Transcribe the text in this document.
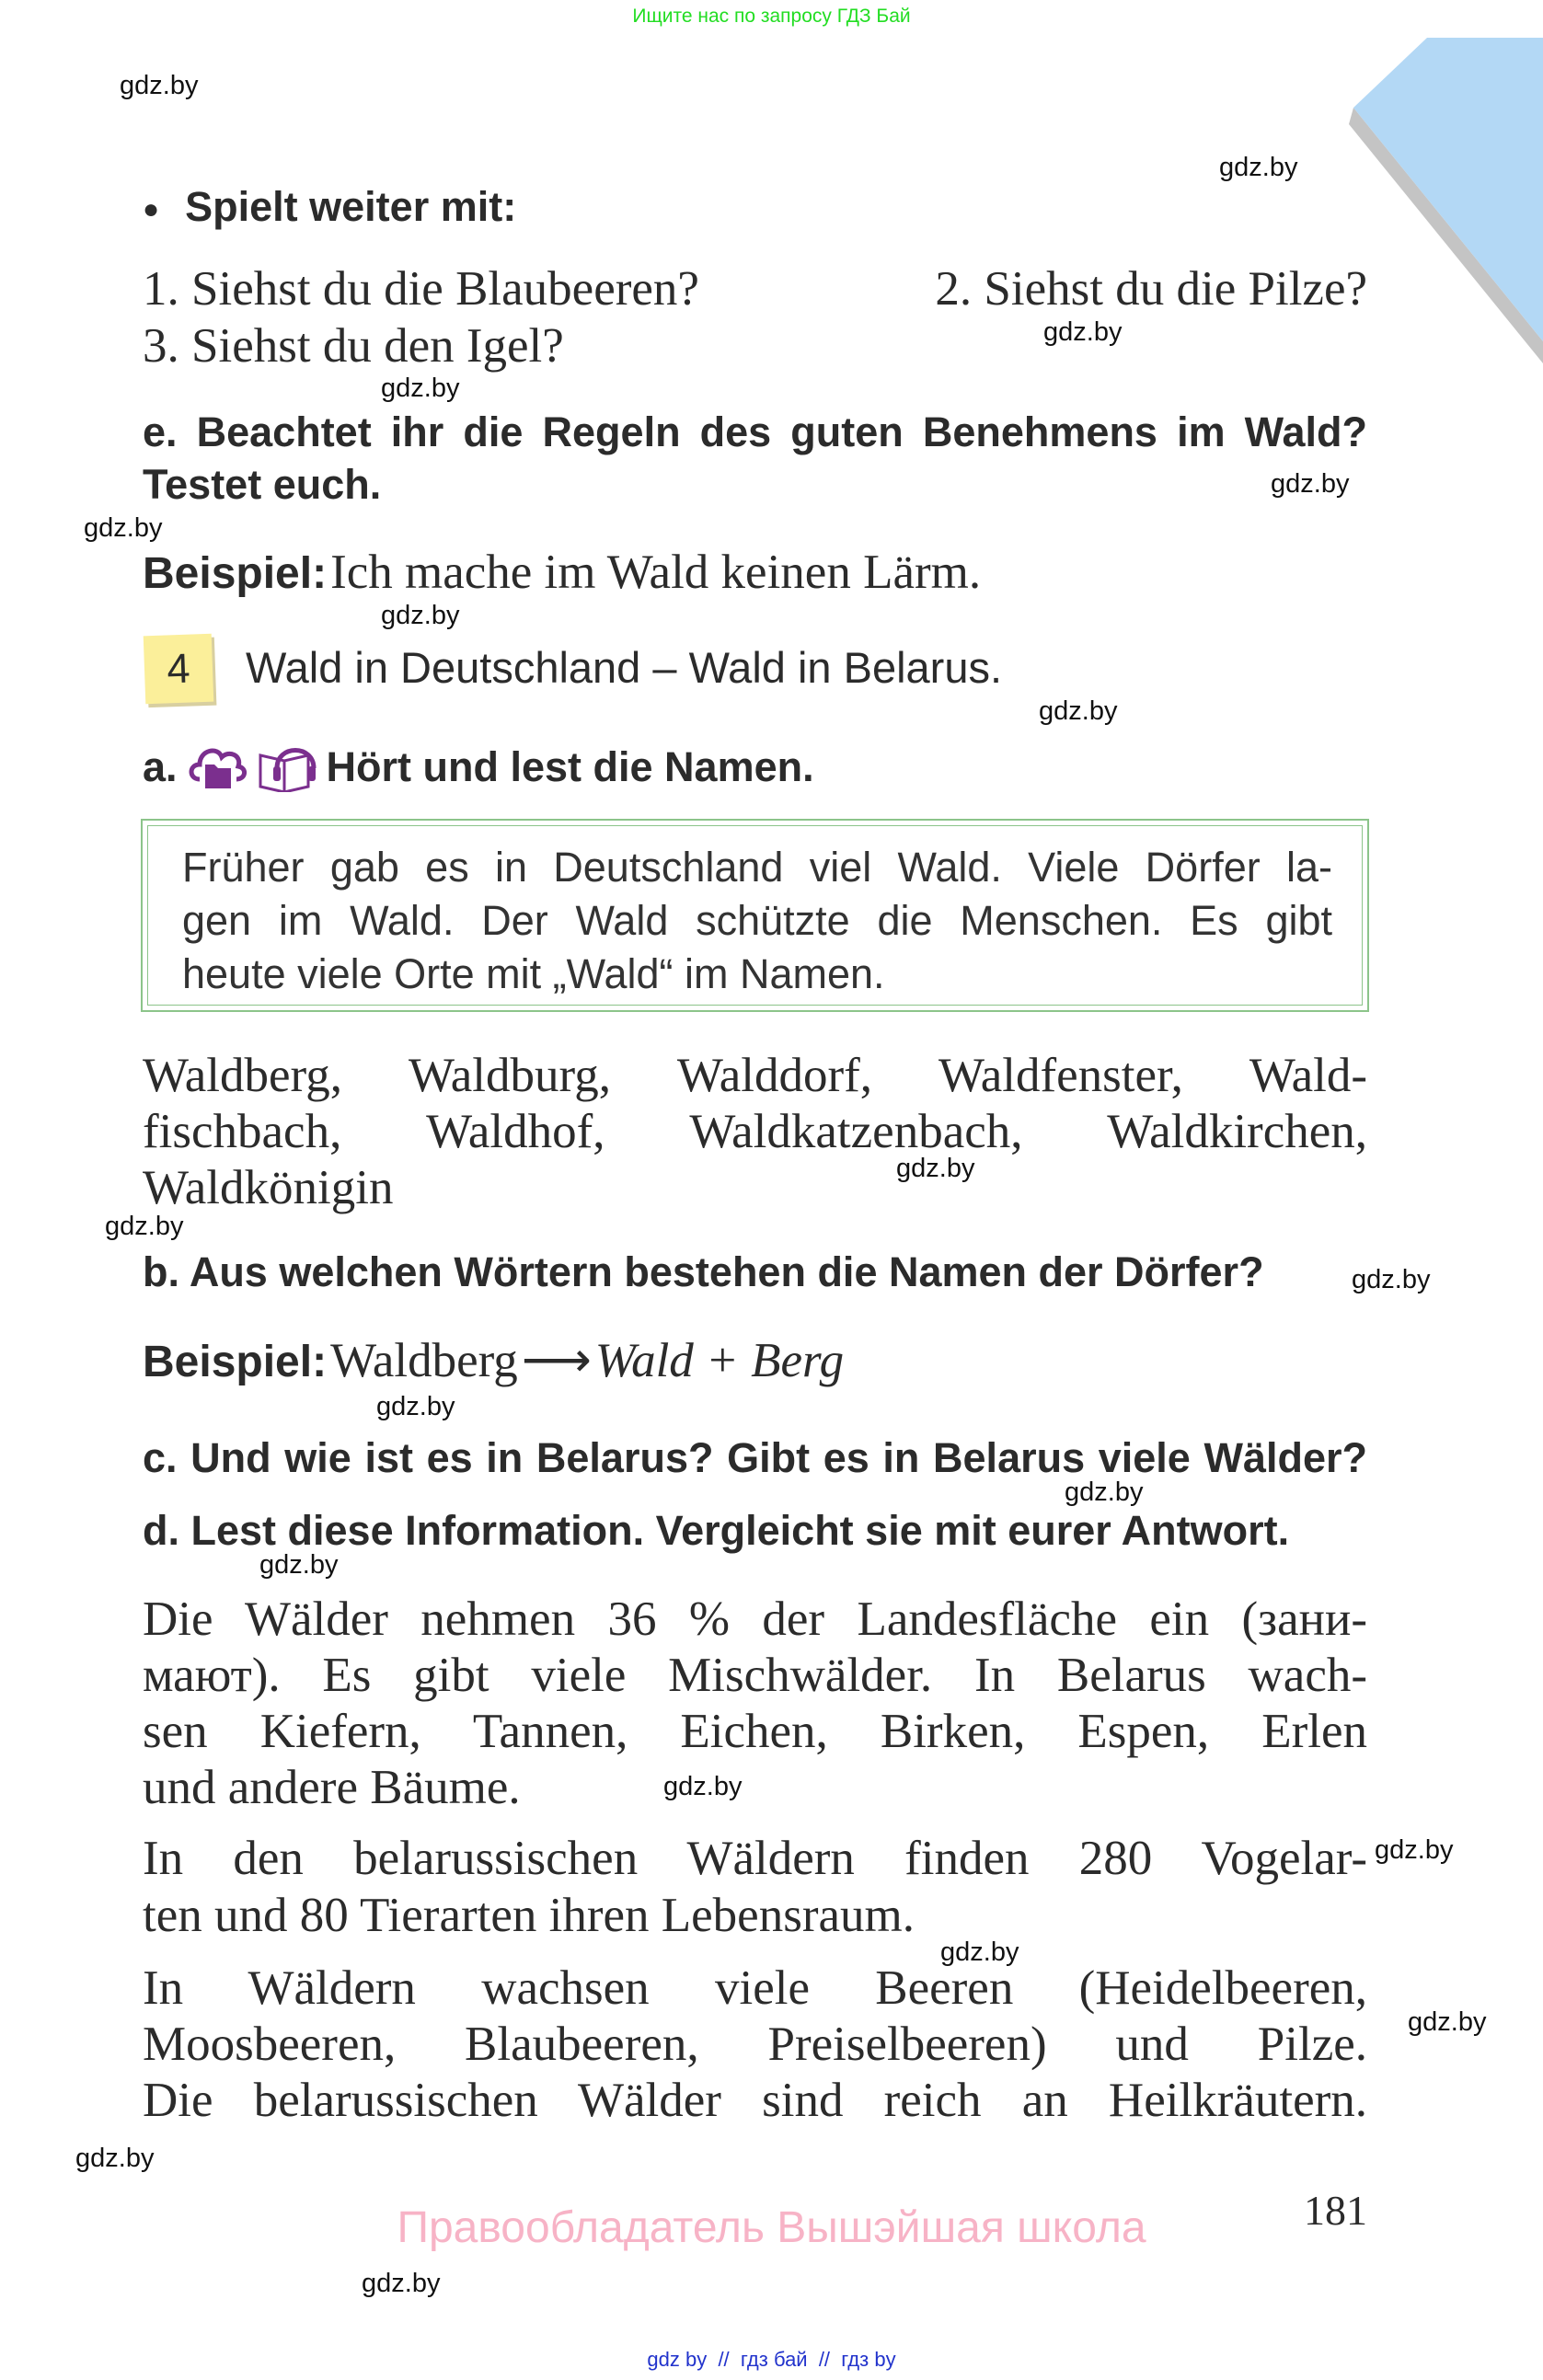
Ищите нас по запросу ГДЗ Бай
gdz.by
gdz.by
gdz.by
gdz.by
gdz.by
gdz.by
gdz.by
gdz.by
gdz.by
gdz.by
gdz.by
gdz.by
gdz.by
gdz.by
gdz.by
gdz.by
gdz.by
gdz.by
gdz.by
gdz.by
● Spielt weiter mit:
1. Siehst du die Blaubeeren?	2. Siehst du die Pilze?
3. Siehst du den Igel?
e. Beachtet ihr die Regeln des guten Benehmens im Wald?
Testet euch.
Beispiel: Ich mache im Wald keinen Lärm.
4 Wald in Deutschland – Wald in Belarus.
a.	Hört und lest die Namen.
Früher gab es in Deutschland viel Wald. Viele Dörfer la-
gen im Wald. Der Wald schützte die Menschen. Es gibt
heute viele Orte mit „Wald“ im Namen.
Waldberg, Waldburg, Walddorf, Waldfenster, Wald-
fischbach, Waldhof, Waldkatzenbach, Waldkirchen,
Waldkönigin
b. Aus welchen Wörtern bestehen die Namen der Dörfer?
Beispiel: Waldberg ⟶ Wald + Berg
c. Und wie ist es in Belarus? Gibt es in Belarus viele Wälder?
d. Lest diese Information. Vergleicht sie mit eurer Antwort.
Die Wälder nehmen 36 % der Landesfläche ein (зани-
мают). Es gibt viele Mischwälder. In Belarus wach-
sen Kiefern, Tannen, Eichen, Birken, Espen, Erlen
und andere Bäume.
In den belarussischen Wäldern finden 280 Vogelar-
ten und 80 Tierarten ihren Lebensraum.
In Wäldern wachsen viele Beeren (Heidelbeeren,
Moosbeeren, Blaubeeren, Preiselbeeren) und Pilze.
Die belarussischen Wälder sind reich an Heilkräutern.
181
Правообладатель Вышэйшая школа
gdz by  //  гдз бай  //  гдз by
